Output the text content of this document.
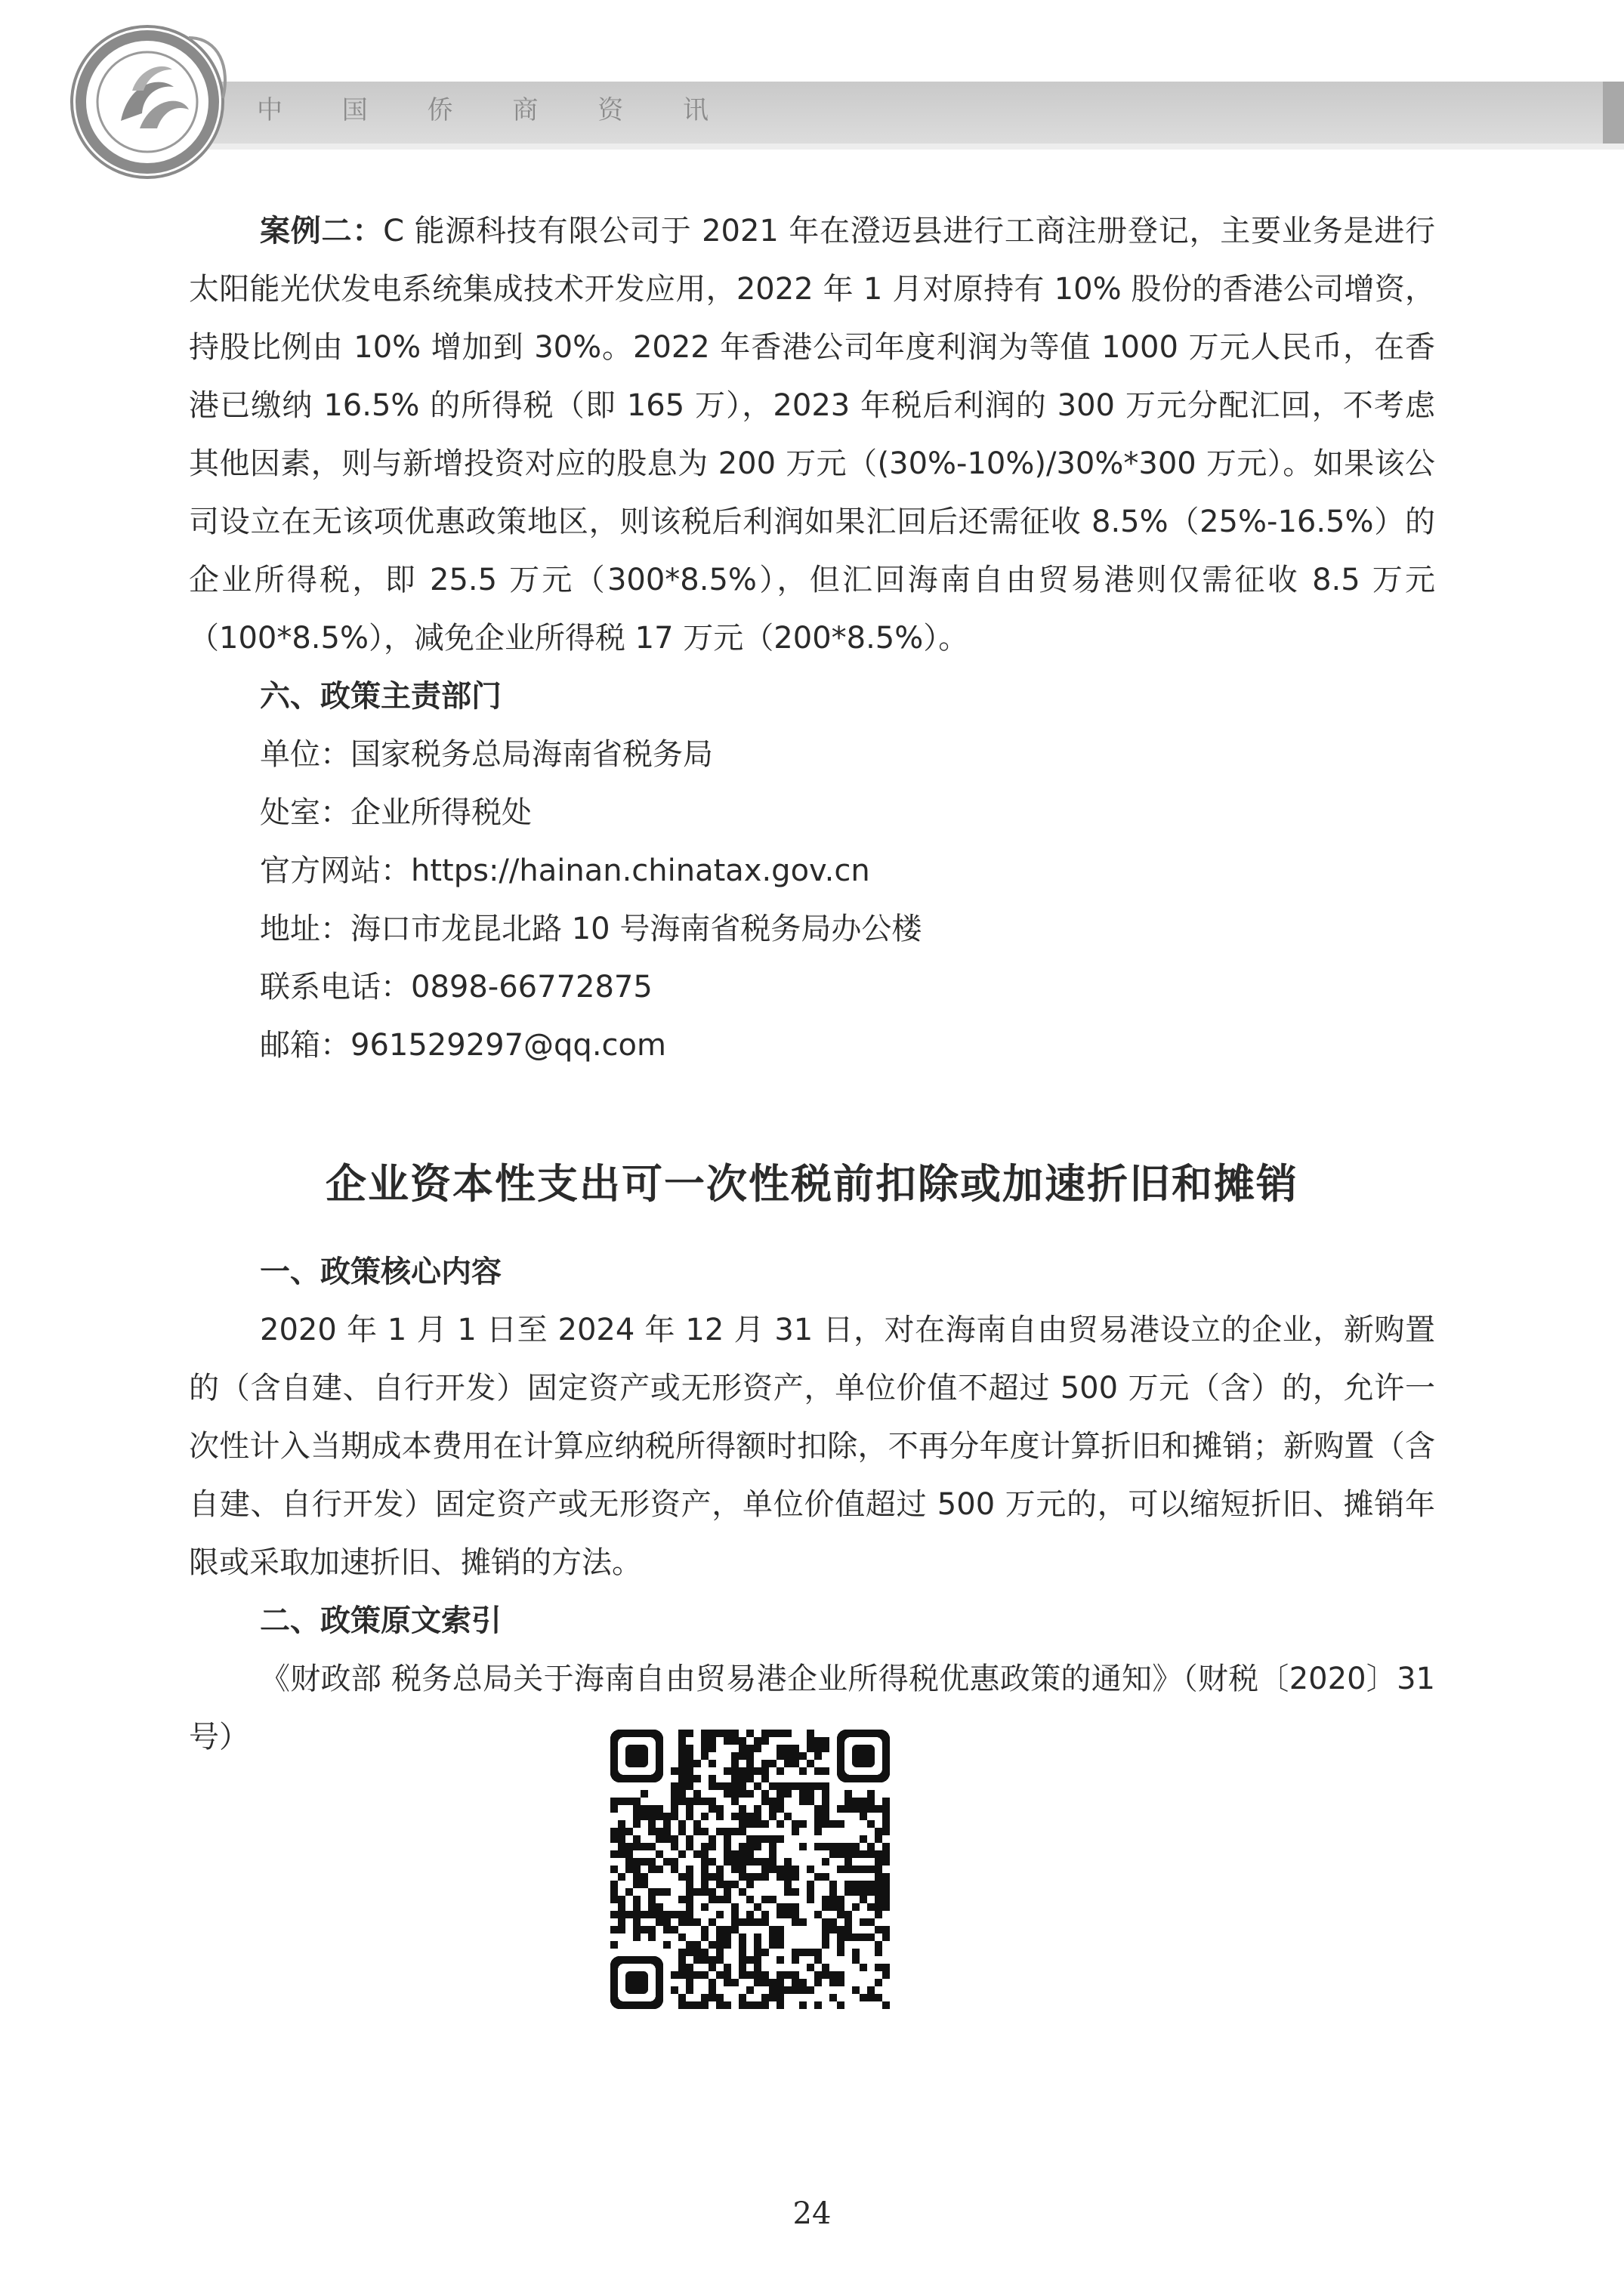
中 国 侨 商 资 讯

案例二：C 能源科技有限公司于 2021 年在澄迈县进行工商注册登记，主要业务是进行太阳能光伏发电系统集成技术开发应用，2022 年 1 月对原持有 10% 股份的香港公司增资，持股比例由 10% 增加到 30%。2022 年香港公司年度利润为等值 1000 万元人民币，在香港已缴纳 16.5% 的所得税（即 165 万），2023 年税后利润的 300 万元分配汇回，不考虑其他因素，则与新增投资对应的股息为 200 万元（(30%-10%)/30%*300 万元）。如果该公司设立在无该项优惠政策地区，则该税后利润如果汇回后还需征收 8.5%（25%-16.5%）的企业所得税，即 25.5 万元（300*8.5%），但汇回海南自由贸易港则仅需征收 8.5 万元（100*8.5%），减免企业所得税 17 万元（200*8.5%）。

六、政策主责部门

单位：国家税务总局海南省税务局

处室：企业所得税处

官方网站：https://hainan.chinatax.gov.cn

地址：海口市龙昆北路 10 号海南省税务局办公楼

联系电话：0898-66772875

邮箱：961529297@qq.com

企业资本性支出可一次性税前扣除或加速折旧和摊销

一、政策核心内容

2020 年 1 月 1 日至 2024 年 12 月 31 日，对在海南自由贸易港设立的企业，新购置的（含自建、自行开发）固定资产或无形资产，单位价值不超过 500 万元（含）的，允许一次性计入当期成本费用在计算应纳税所得额时扣除，不再分年度计算折旧和摊销；新购置（含自建、自行开发）固定资产或无形资产，单位价值超过 500 万元的，可以缩短折旧、摊销年限或采取加速折旧、摊销的方法。

二、政策原文索引

《财政部 税务总局关于海南自由贸易港企业所得税优惠政策的通知》（财税〔2020〕31 号）

24
